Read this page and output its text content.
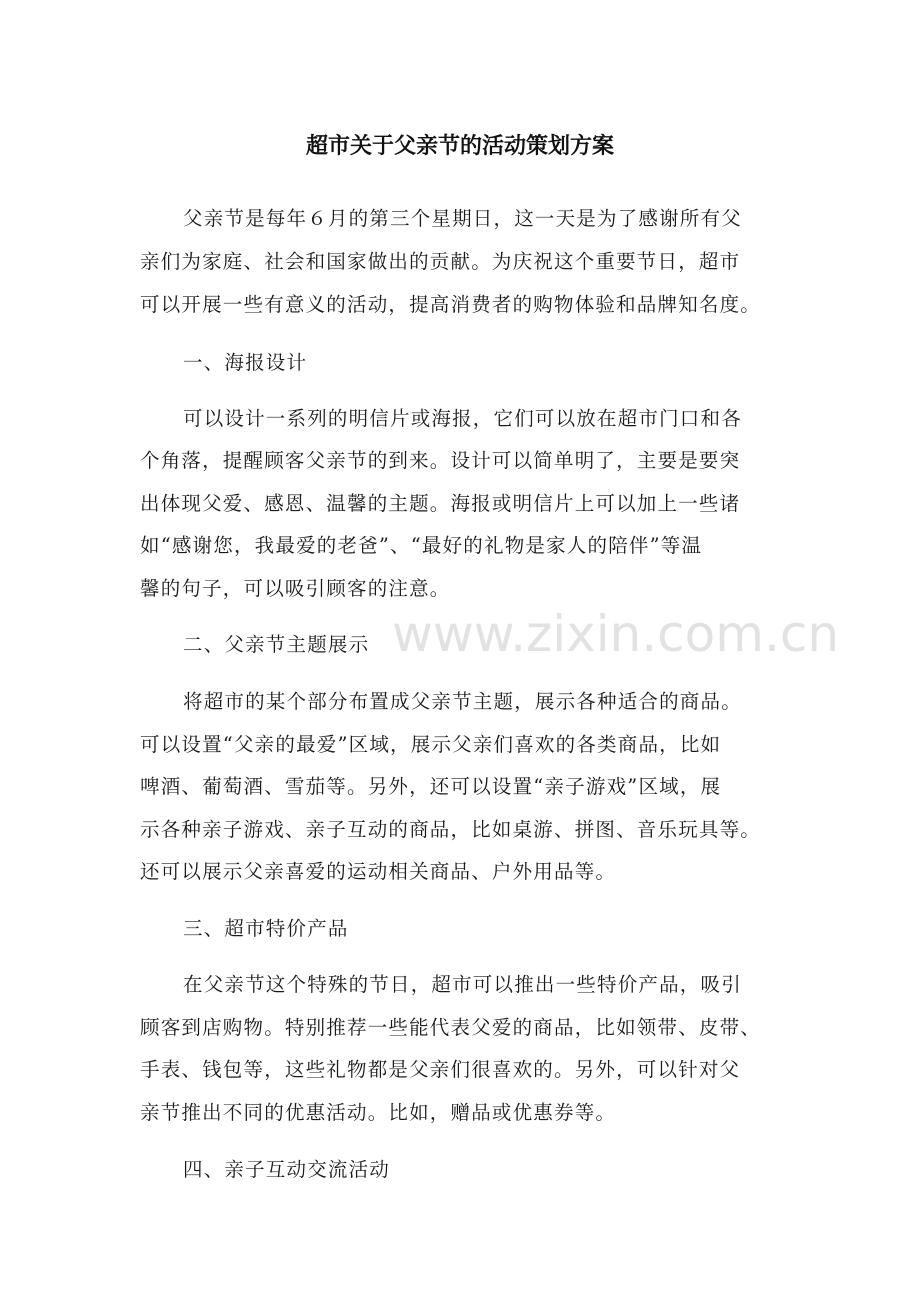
www.zixin.com.cn
超市关于父亲节的活动策划方案
父亲节是每年６月的第三个星期日，这一天是为了感谢所有父
亲们为家庭、社会和国家做出的贡献。为庆祝这个重要节日，超市
可以开展一些有意义的活动，提高消费者的购物体验和品牌知名度。
一、海报设计
可以设计一系列的明信片或海报，它们可以放在超市门口和各
个角落，提醒顾客父亲节的到来。设计可以简单明了，主要是要突
出体现父爱、感恩、温馨的主题。海报或明信片上可以加上一些诸
如“感谢您，我最爱的老爸”、“最好的礼物是家人的陪伴”等温
馨的句子，可以吸引顾客的注意。
二、父亲节主题展示
将超市的某个部分布置成父亲节主题，展示各种适合的商品。
可以设置“父亲的最爱”区域，展示父亲们喜欢的各类商品，比如
啤酒、葡萄酒、雪茄等。另外，还可以设置“亲子游戏”区域，展
示各种亲子游戏、亲子互动的商品，比如桌游、拼图、音乐玩具等。
还可以展示父亲喜爱的运动相关商品、户外用品等。
三、超市特价产品
在父亲节这个特殊的节日，超市可以推出一些特价产品，吸引
顾客到店购物。特别推荐一些能代表父爱的商品，比如领带、皮带、
手表、钱包等，这些礼物都是父亲们很喜欢的。另外，可以针对父
亲节推出不同的优惠活动。比如，赠品或优惠券等。
四、亲子互动交流活动
